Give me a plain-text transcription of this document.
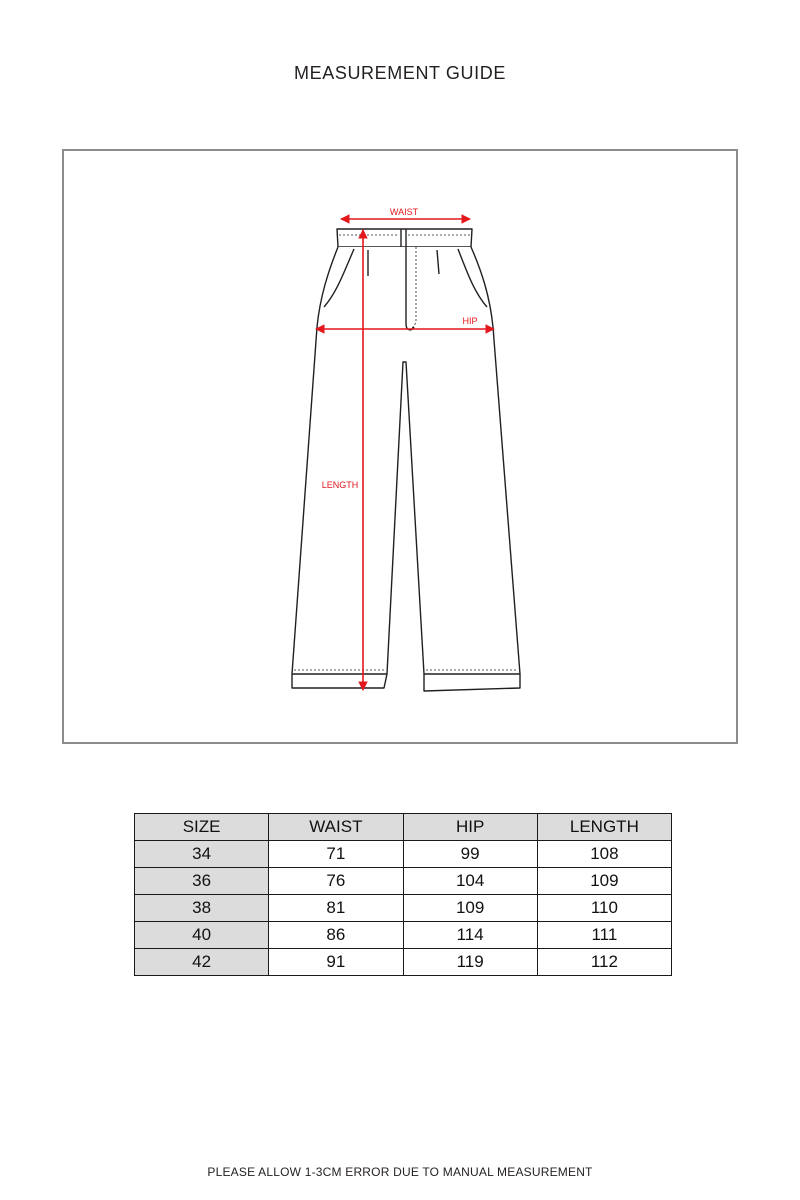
MEASUREMENT GUIDE
WAIST
HIP
LENGTH
SIZE	WAIST	HIP	LENGTH
34	71	99	108
36	76	104	109
38	81	109	110
40	86	114	111
42	91	119	112
PLEASE ALLOW 1-3CM ERROR DUE TO MANUAL MEASUREMENT
